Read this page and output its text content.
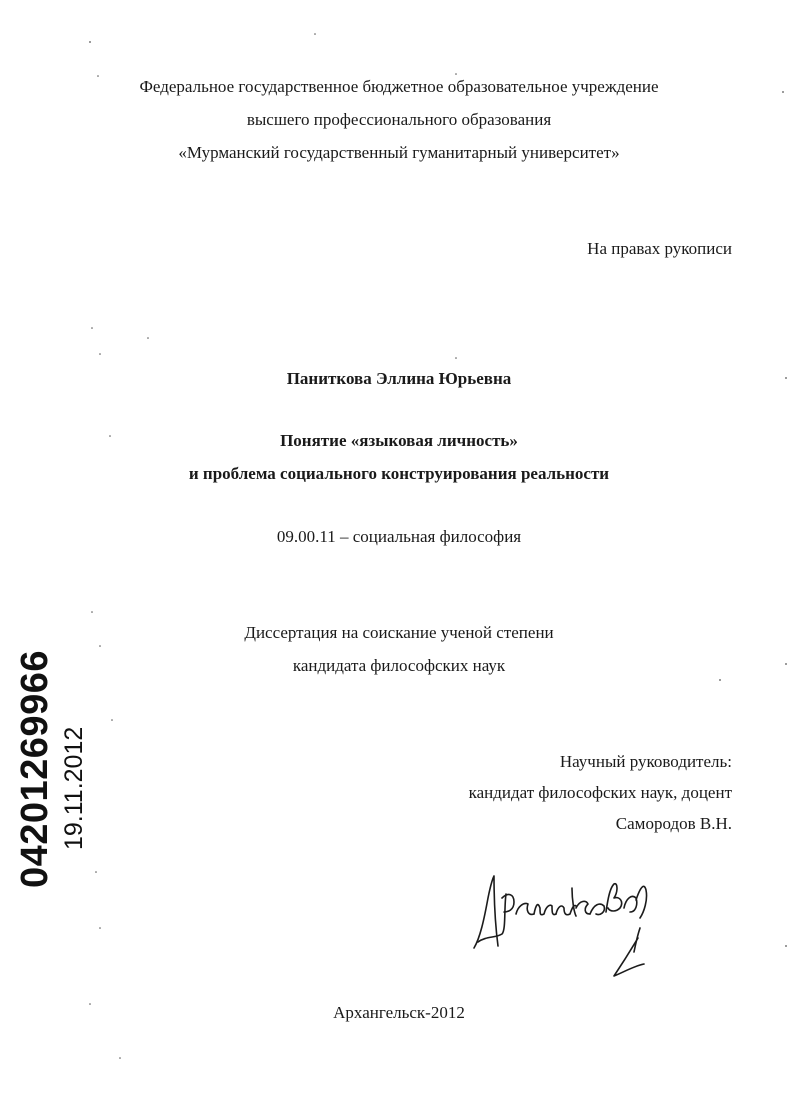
Федеральное государственное бюджетное образовательное учреждение
высшего профессионального образования
«Мурманский государственный гуманитарный университет»
На правах рукописи
Паниткова Эллина Юрьевна
Понятие «языковая личность»
и проблема социального конструирования реальности
09.00.11 – социальная философия
Диссертация на соискание ученой степени
кандидата философских наук
Научный руководитель:
кандидат философских наук, доцент
Самородов В.Н.
Архангельск-2012
04201269966 19.11.2012
